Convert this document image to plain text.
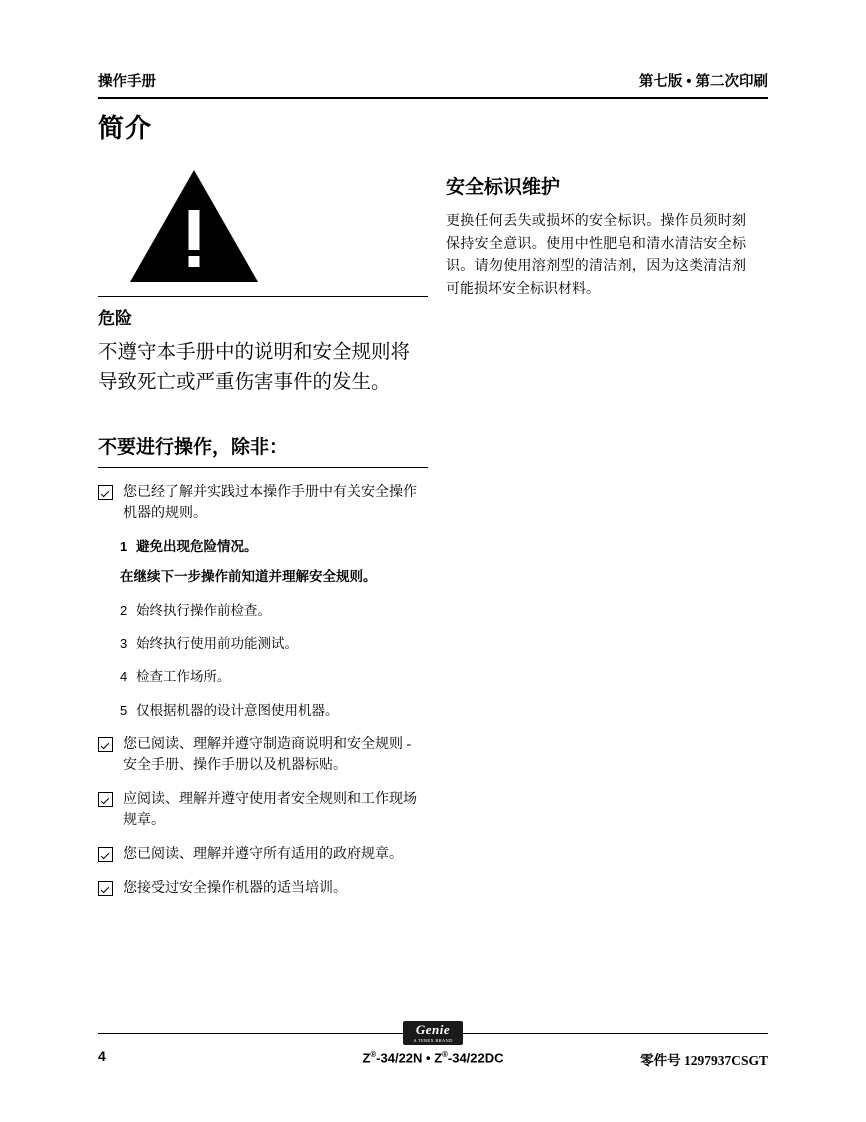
操作手册	第七版 • 第二次印刷
简介
危险
不遵守本手册中的说明和安全规则将导致死亡或严重伤害事件的发生。
不要进行操作，除非：
您已经了解并实践过本操作手册中有关安全操作机器的规则。
1 避免出现危险情况。
在继续下一步操作前知道并理解安全规则。
2 始终执行操作前检查。
3 始终执行使用前功能测试。
4 检查工作场所。
5 仅根据机器的设计意图使用机器。
您已阅读、理解并遵守制造商说明和安全规则 - 安全手册、操作手册以及机器标贴。
应阅读、理解并遵守使用者安全规则和工作现场规章。
您已阅读、理解并遵守所有适用的政府规章。
您接受过安全操作机器的适当培训。
安全标识维护
更换任何丢失或损坏的安全标识。操作员须时刻保持安全意识。使用中性肥皂和清水清洁安全标识。请勿使用溶剂型的清洁剂，因为这类清洁剂可能损坏安全标识材料。
Genie
A TEREX BRAND
4	Z®-34/22N • Z®-34/22DC	零件号 1297937CSGT
